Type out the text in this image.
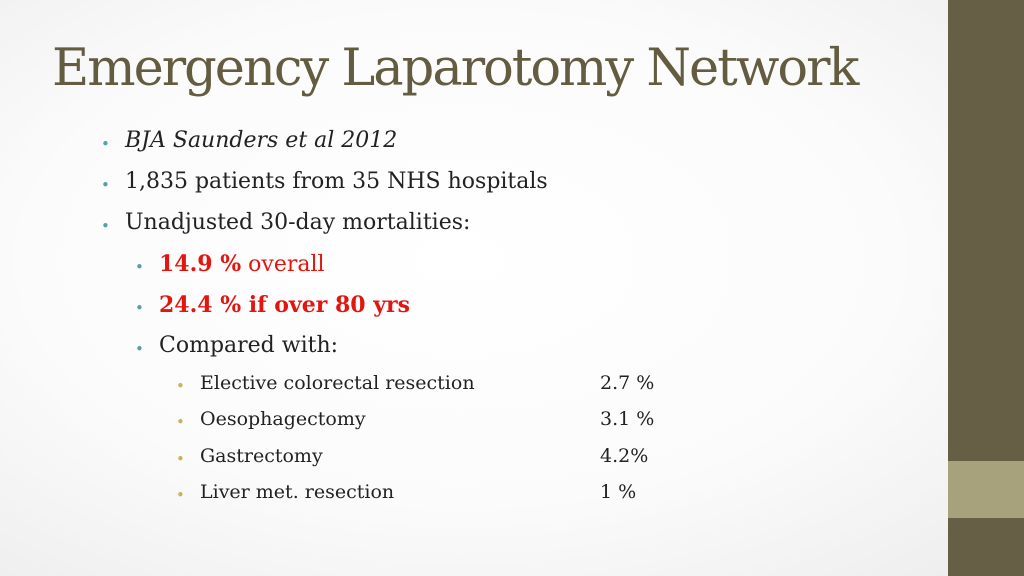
Emergency Laparotomy Network
• BJA Saunders et al 2012
• 1,835 patients from 35 NHS hospitals
• Unadjusted 30-day mortalities:
• 14.9 % overall
• 24.4 % if over 80 yrs
• Compared with:
• Elective colorectal resection	2.7 %
• Oesophagectomy	3.1 %
• Gastrectomy	4.2%
• Liver met. resection	1 %
